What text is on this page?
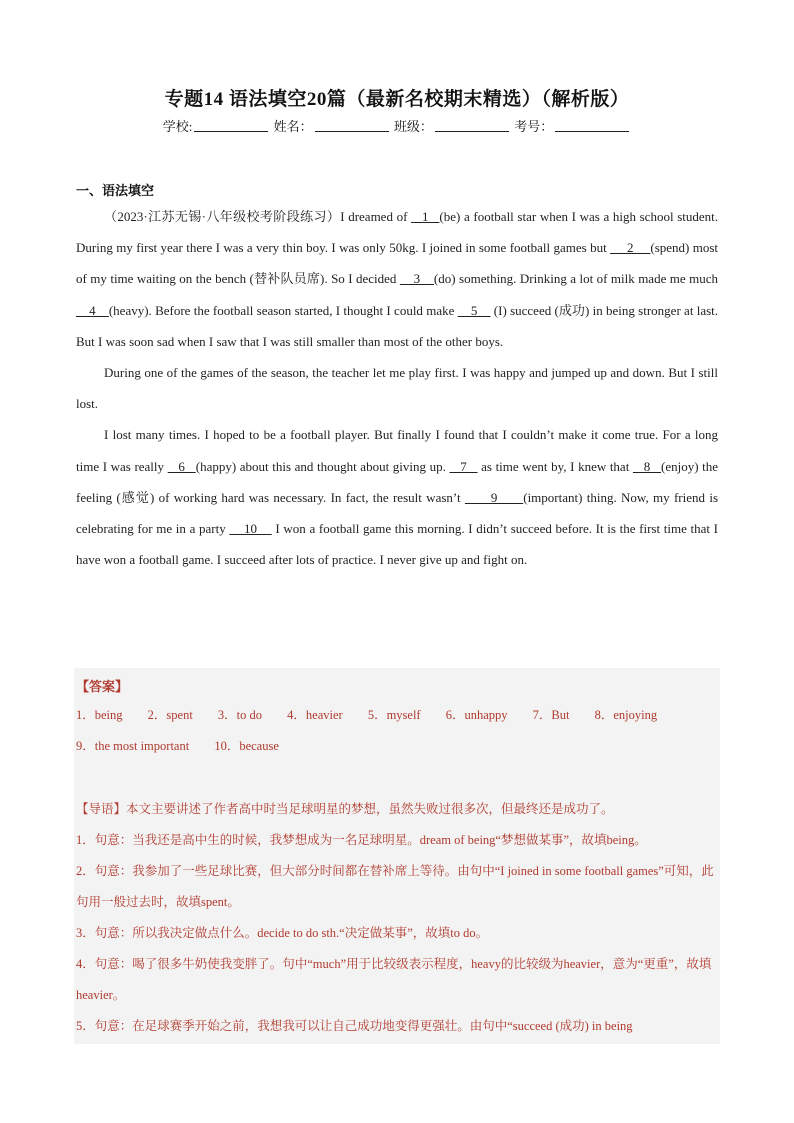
专题14 语法填空20篇（最新名校期末精选）（解析版）
学校:	姓名：	班级：	考号：
一、语法填空

（2023·江苏无锡·八年级校考阶段练习）I dreamed of    1   (be) a football star when I was a high school student. During my first year there I was a very thin boy. I was only 50kg. I joined in some football games but      2     (spend) most of my time waiting on the bench (替补队员席). So I decided     3    (do) something. Drinking a lot of milk made me much     4    (heavy). Before the football season started, I thought I could make     5     (I) succeed (成功) in being stronger at last. But I was soon sad when I saw that I was still smaller than most of the other boys.

During one of the games of the season, the teacher let me play first. I was happy and jumped up and down. But I still lost.

I lost many times. I hoped to be a football player. But finally I found that I couldn’t make it come true. For a long time I was really    6   (happy) about this and thought about giving up.    7    as time went by, I knew that    8   (enjoy) the feeling (感觉) of working hard was necessary. In fact, the result wasn’t       9      (important) thing. Now, my friend is celebrating for me in a party     10     I won a football game this morning. I didn’t succeed before. It is the first time that I have won a football game. I succeed after lots of practice. I never give up and fight on.

【答案】
1．being 2．spent 3．to do 4．heavier 5．myself 6．unhappy 7．But 8．enjoying
9．the most important 10．because

【导语】本文主要讲述了作者高中时当足球明星的梦想，虽然失败过很多次，但最终还是成功了。

1．句意：当我还是高中生的时候，我梦想成为一名足球明星。dream of being“梦想做某事”，故填being。

2．句意：我参加了一些足球比赛，但大部分时间都在替补席上等待。由句中“I joined in some football games”可知，此句用一般过去时，故填spent。

3．句意：所以我决定做点什么。decide to do sth.“决定做某事”，故填to do。

4．句意：喝了很多牛奶使我变胖了。句中“much”用于比较级表示程度，heavy的比较级为heavier，意为“更重”，故填heavier。

5．句意：在足球赛季开始之前，我想我可以让自己成功地变得更强壮。由句中“succeed (成功) in being
